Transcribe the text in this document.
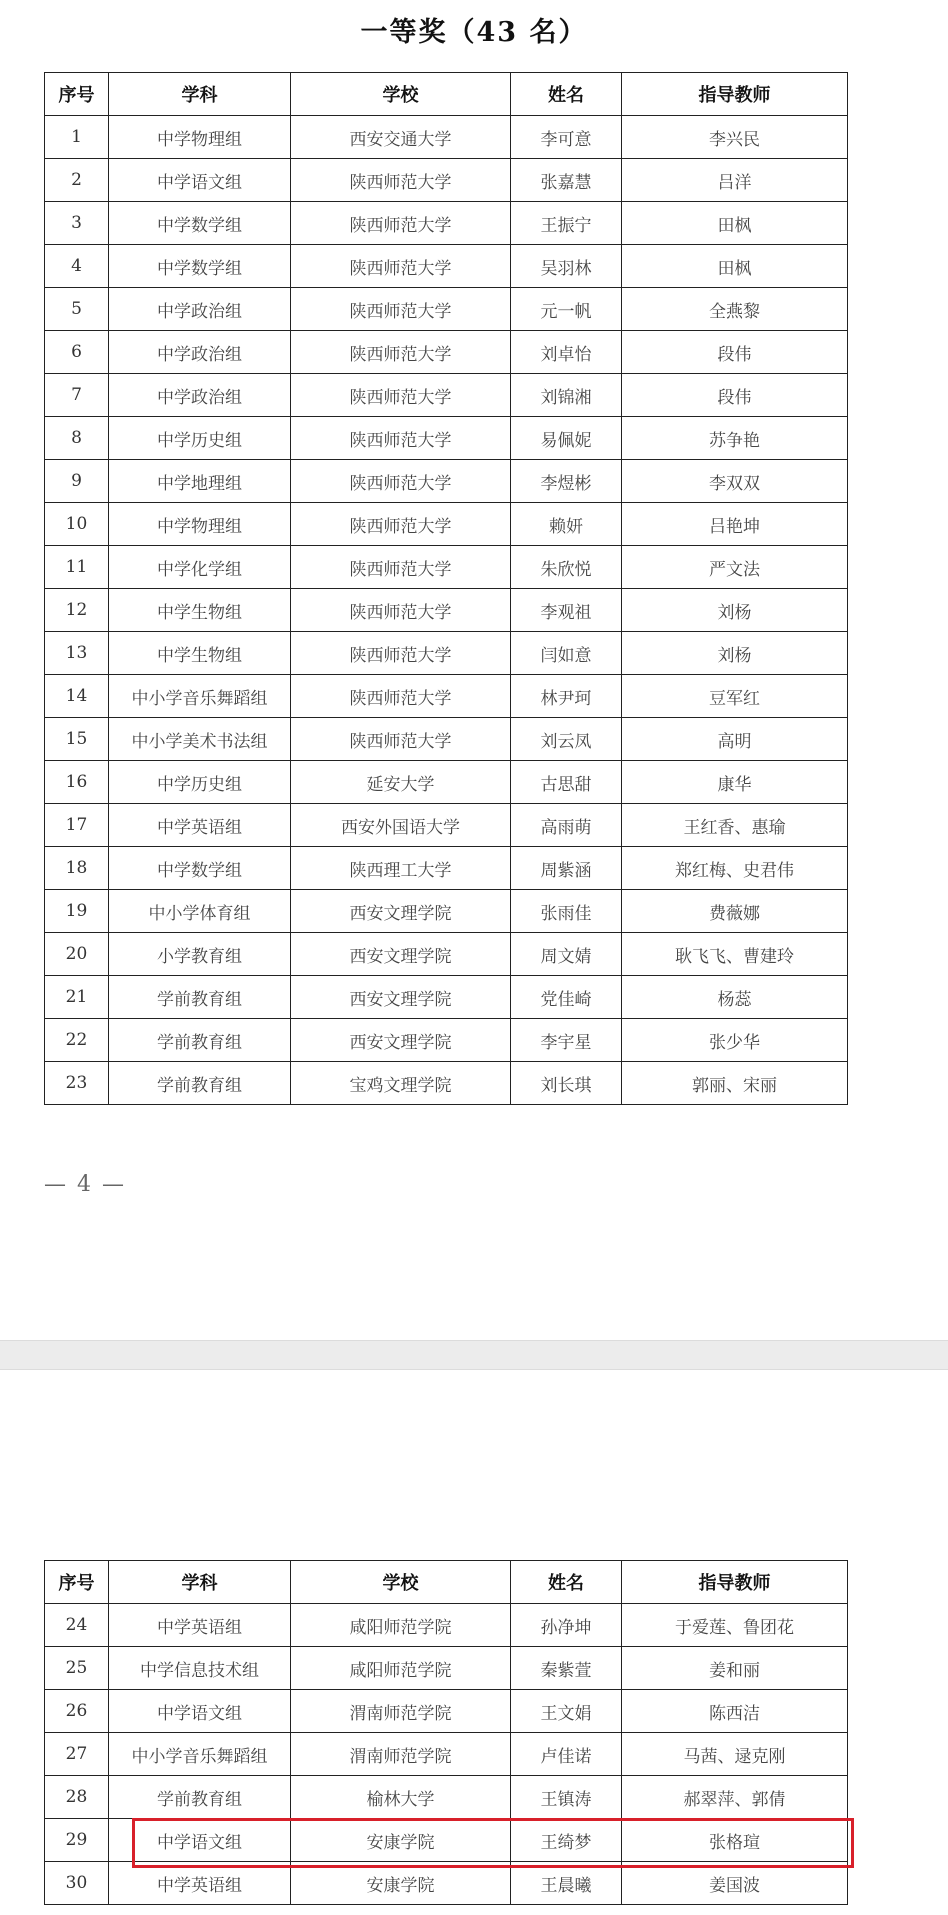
一等奖（43 名）
序号	学科	学校	姓名	指导教师
1	中学物理组	西安交通大学	李可意	李兴民
2	中学语文组	陕西师范大学	张嘉慧	吕洋
3	中学数学组	陕西师范大学	王振宁	田枫
4	中学数学组	陕西师范大学	吴羽林	田枫
5	中学政治组	陕西师范大学	元一帆	全燕黎
6	中学政治组	陕西师范大学	刘卓怡	段伟
7	中学政治组	陕西师范大学	刘锦湘	段伟
8	中学历史组	陕西师范大学	易佩妮	苏争艳
9	中学地理组	陕西师范大学	李煜彬	李双双
10	中学物理组	陕西师范大学	赖妍	吕艳坤
11	中学化学组	陕西师范大学	朱欣悦	严文法
12	中学生物组	陕西师范大学	李观祖	刘杨
13	中学生物组	陕西师范大学	闫如意	刘杨
14	中小学音乐舞蹈组	陕西师范大学	林尹珂	豆军红
15	中小学美术书法组	陕西师范大学	刘云凤	高明
16	中学历史组	延安大学	古思甜	康华
17	中学英语组	西安外国语大学	高雨萌	王红香、惠瑜
18	中学数学组	陕西理工大学	周紫涵	郑红梅、史君伟
19	中小学体育组	西安文理学院	张雨佳	费薇娜
20	小学教育组	西安文理学院	周文婧	耿飞飞、曹建玲
21	学前教育组	西安文理学院	党佳崎	杨蕊
22	学前教育组	西安文理学院	李宇星	张少华
23	学前教育组	宝鸡文理学院	刘长琪	郭丽、宋丽
— 4 —
序号	学科	学校	姓名	指导教师
24	中学英语组	咸阳师范学院	孙净坤	于爱莲、鲁团花
25	中学信息技术组	咸阳师范学院	秦紫萱	姜和丽
26	中学语文组	渭南师范学院	王文娟	陈西洁
27	中小学音乐舞蹈组	渭南师范学院	卢佳诺	马茜、逯克刚
28	学前教育组	榆林大学	王镇涛	郝翠萍、郭倩
29	中学语文组	安康学院	王绮梦	张格瑄
30	中学英语组	安康学院	王晨曦	姜国波
